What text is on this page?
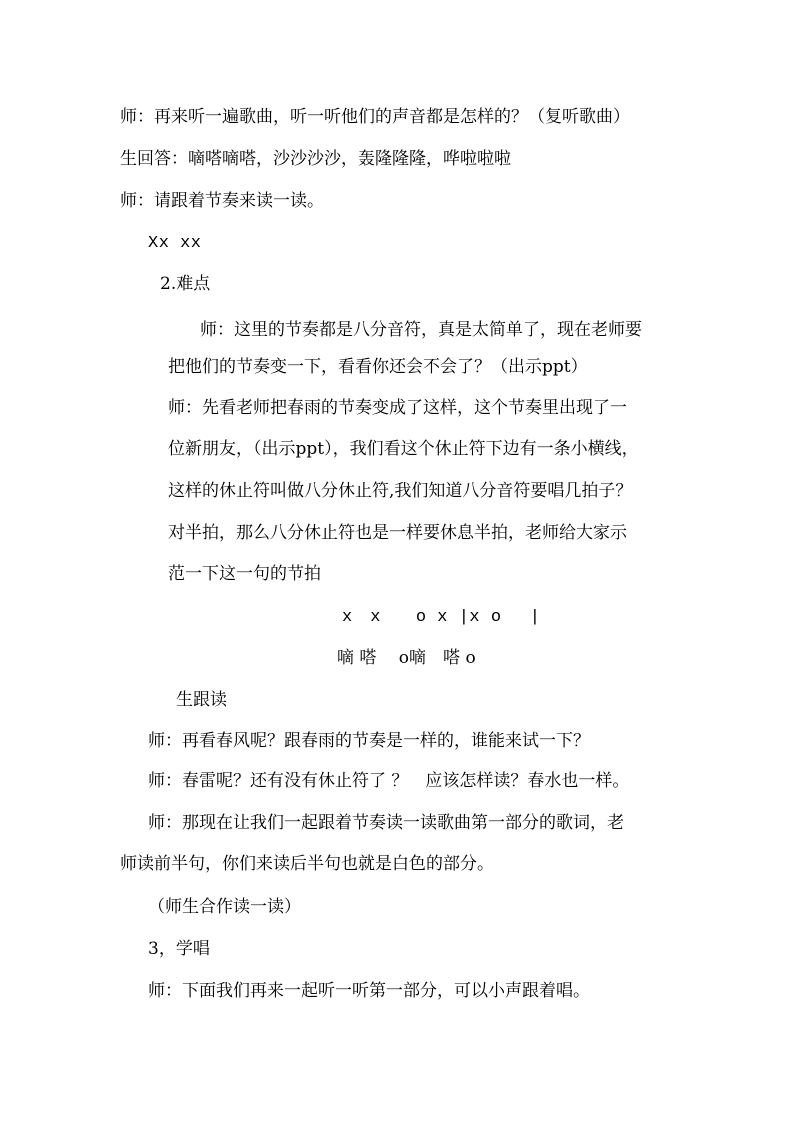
师：再来听一遍歌曲，听一听他们的声音都是怎样的？（复听歌曲）
生回答：嘀嗒嘀嗒，沙沙沙沙，轰隆隆隆，哗啦啦啦
师：请跟着节奏来读一读。
Xx xx
2.难点
师：这里的节奏都是八分音符，真是太简单了，现在老师要
把他们的节奏变一下，看看你还会不会了？（出示ppt）
师：先看老师把春雨的节奏变成了这样，这个节奏里出现了一
位新朋友，（出示ppt），我们看这个休止符下边有一条小横线，
这样的休止符叫做八分休止符,我们知道八分音符要唱几拍子？
对半拍，那么八分休止符也是一样要休息半拍，老师给大家示
范一下这一句的节拍
x　x　　o x |x o　 |
嘀 嗒　 o嘀　嗒 o
生跟读
师：再看春风呢？跟春雨的节奏是一样的，谁能来试一下？
师：春雷呢？还有没有休止符了 ？　应该怎样读？春水也一样。
师：那现在让我们一起跟着节奏读一读歌曲第一部分的歌词，老
师读前半句，你们来读后半句也就是白色的部分。
（师生合作读一读）
3，学唱
师：下面我们再来一起听一听第一部分，可以小声跟着唱。
